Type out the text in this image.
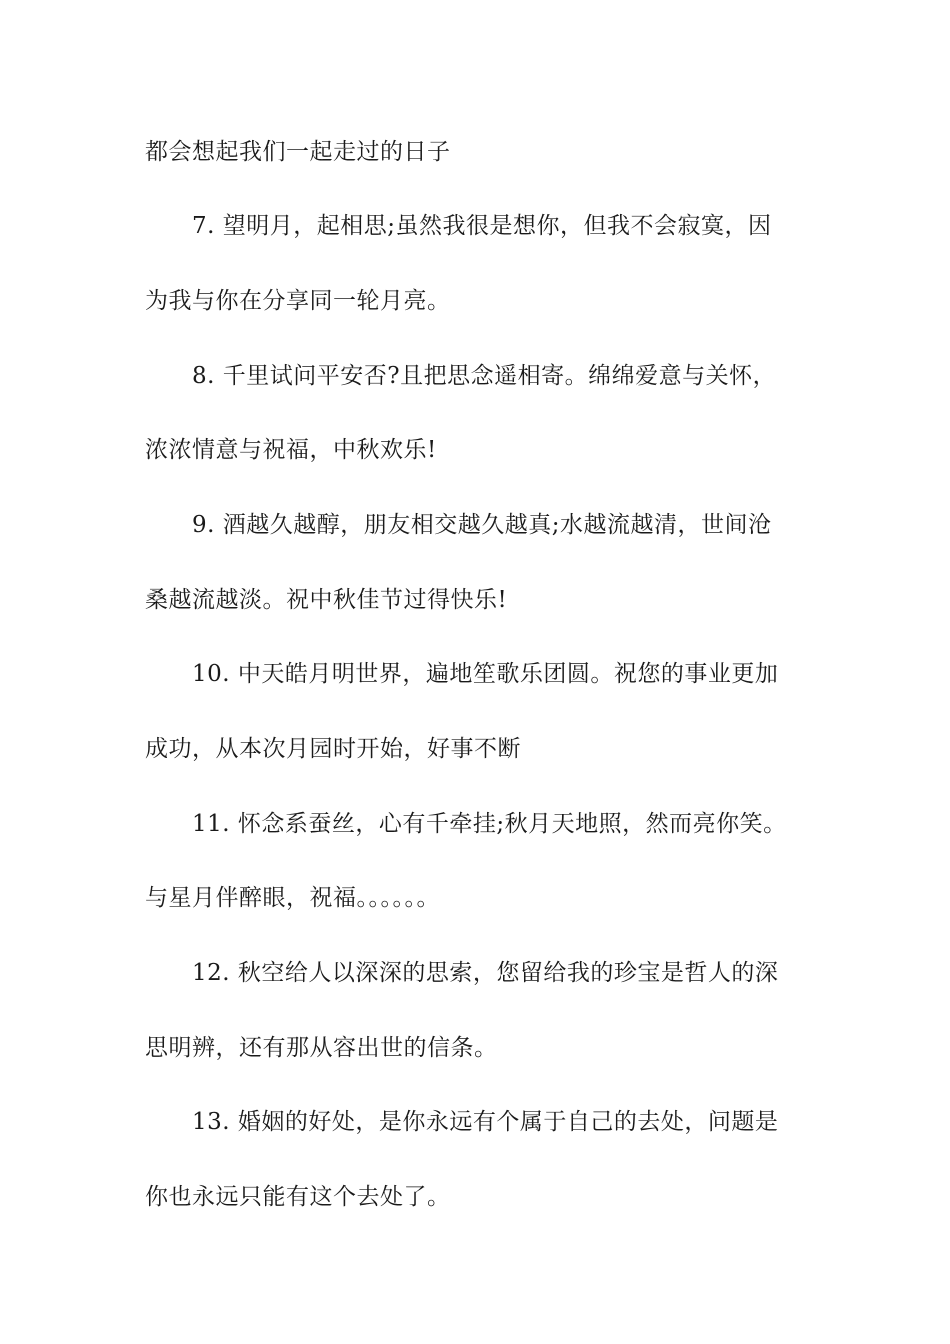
都会想起我们一起走过的日子
7. 望明月，起相思;虽然我很是想你，但我不会寂寞，因
为我与你在分享同一轮月亮。
8. 千里试问平安否?且把思念遥相寄。绵绵爱意与关怀，
浓浓情意与祝福，中秋欢乐!
9. 酒越久越醇，朋友相交越久越真;水越流越清，世间沧
桑越流越淡。祝中秋佳节过得快乐!
10. 中天皓月明世界，遍地笙歌乐团圆。祝您的事业更加
成功，从本次月园时开始，好事不断
11. 怀念系蚕丝，心有千牵挂;秋月天地照，然而亮你笑。
与星月伴醉眼，祝福。。。。。。
12. 秋空给人以深深的思索，您留给我的珍宝是哲人的深
思明辨，还有那从容出世的信条。
13. 婚姻的好处，是你永远有个属于自己的去处，问题是
你也永远只能有这个去处了。
